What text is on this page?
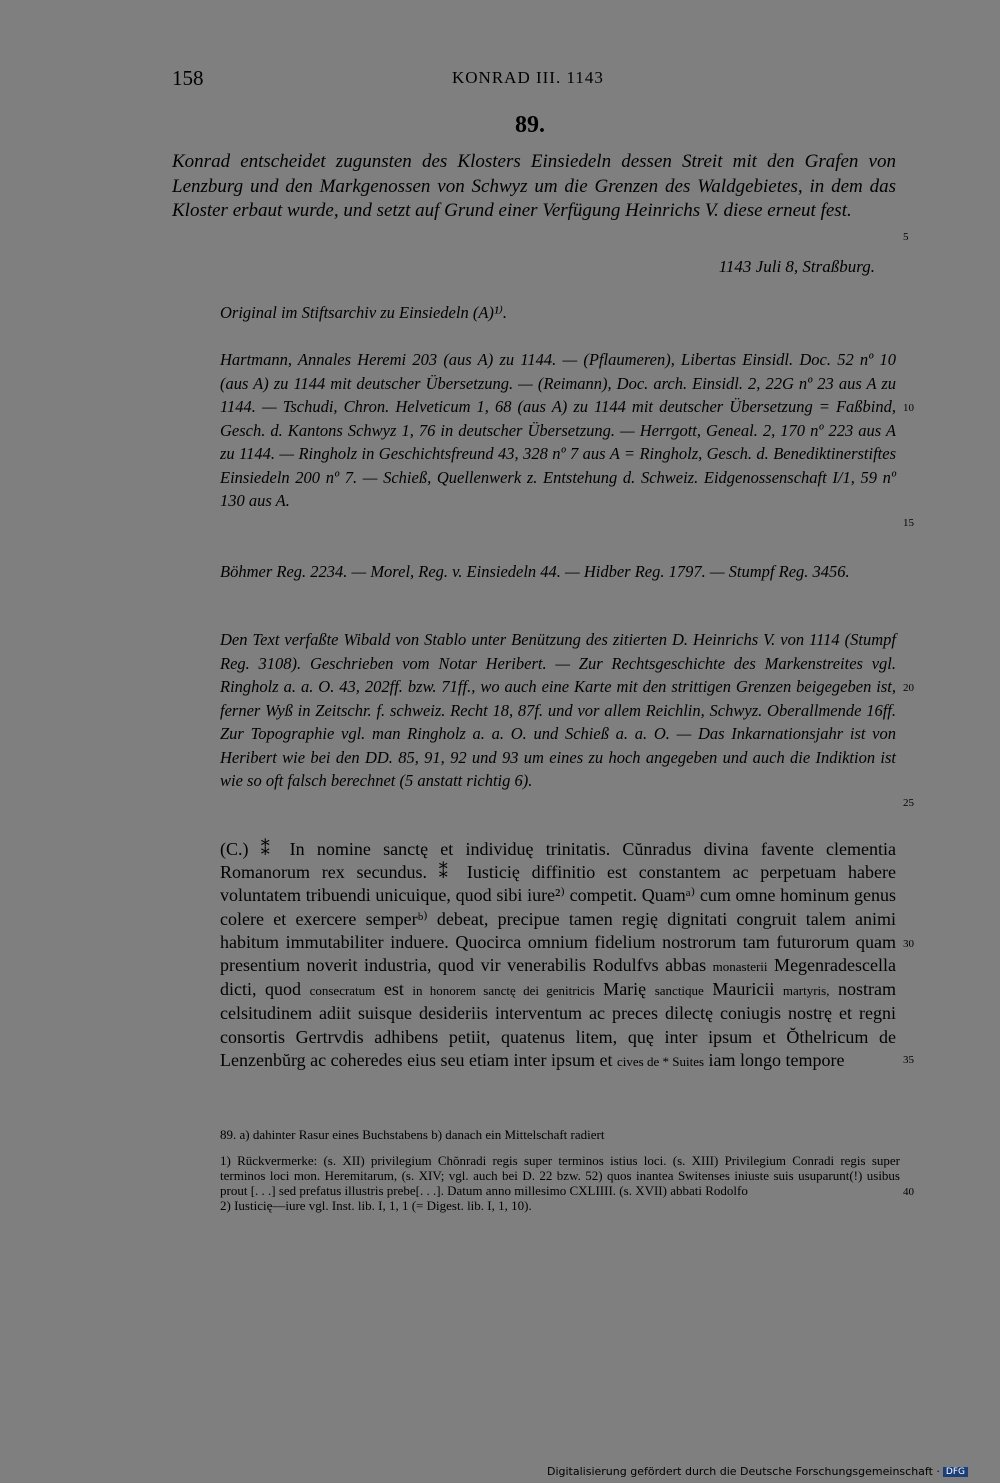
158	KONRAD III. 1143
89.
Konrad entscheidet zugunsten des Klosters Einsiedeln dessen Streit mit den Grafen von Lenzburg und den Markgenossen von Schwyz um die Grenzen des Waldgebietes, in dem das Kloster erbaut wurde, und setzt auf Grund einer Verfügung Heinrichs V. diese erneut fest.
1143 Juli 8, Straßburg.
Original im Stiftsarchiv zu Einsiedeln (A)¹⁾.
Hartmann, Annales Heremi 203 (aus A) zu 1144. — (Pflaumeren), Libertas Einsidl. Doc. 52 nº 10 (aus A) zu 1144 mit deutscher Übersetzung. — (Reimann), Doc. arch. Einsidl. 2, 22G nº 23 aus A zu 1144. — Tschudi, Chron. Helveticum 1, 68 (aus A) zu 1144 mit deutscher Übersetzung = Faßbind, Gesch. d. Kantons Schwyz 1, 76 in deutscher Übersetzung. — Herrgott, Geneal. 2, 170 nº 223 aus A zu 1144. — Ringholz in Geschichtsfreund 43, 328 nº 7 aus A = Ringholz, Gesch. d. Benediktinerstiftes Einsiedeln 200 nº 7. — Schieß, Quellenwerk z. Entstehung d. Schweiz. Eidgenossenschaft I/1, 59 nº 130 aus A.
Böhmer Reg. 2234. — Morel, Reg. v. Einsiedeln 44. — Hidber Reg. 1797. — Stumpf Reg. 3456.
Den Text verfaßte Wibald von Stablo unter Benützung des zitierten D. Heinrichs V. von 1114 (Stumpf Reg. 3108). Geschrieben vom Notar Heribert. — Zur Rechtsgeschichte des Markenstreites vgl. Ringholz a. a. O. 43, 202ff. bzw. 71ff., wo auch eine Karte mit den strittigen Grenzen beigegeben ist, ferner Wyß in Zeitschr. f. schweiz. Recht 18, 87f. und vor allem Reichlin, Schwyz. Oberallmende 16ff. Zur Topographie vgl. man Ringholz a. a. O. und Schieß a. a. O. — Das Inkarnationsjahr ist von Heribert wie bei den DD. 85, 91, 92 und 93 um eines zu hoch angegeben und auch die Indiktion ist wie so oft falsch berechnet (5 anstatt richtig 6).
(C.) ⁑ In nomine sanctę et individuę trinitatis. Cŭnradus divina favente clementia Romanorum rex secundus. ⁑ Iusticię diffinitio est constantem ac perpetuam habere voluntatem tribuendi unicuique, quod sibi iure²⁾ competit. Quamᵃ⁾ cum omne hominum genus colere et exercere semperᵇ⁾ debeat, precipue tamen regię dignitati congruit talem animi habitum immutabiliter induere. Quocirca omnium fidelium nostrorum tam futurorum quam presentium noverit industria, quod vir venerabilis Rodulfvs abbas monasterii Megenradescella dicti, quod consecratum est in honorem sanctę dei genitricis Marię sanctique Mauricii martyris, nostram celsitudinem adiit suisque desideriis interventum ac preces dilectę coniugis nostrę et regni consortis Gertrvdis adhibens petiit, quatenus litem, quę inter ipsum et Ŏthelricum de Lenzenbŭrg ac coheredes eius seu etiam inter ipsum et cives de * Suites iam longo tempore
5
10
15
20
25
30
35
40

89. a) dahinter Rasur eines Buchstabens b) danach ein Mittelschaft radiert

1) Rückvermerke: (s. XII) privilegium Chŏnradi regis super terminos istius loci. (s. XIII) Privilegium Conradi regis super terminos loci mon. Heremitarum, (s. XIV; vgl. auch bei D. 22 bzw. 52) quos inantea Switenses iniuste suis usuparunt(!) usibus prout [. . .] sed prefatus illustris prebe[. . .]. Datum anno millesimo CXLIIII. (s. XVII) abbati Rodolfo

2) Iusticię—iure vgl. Inst. lib. I, 1, 1 (= Digest. lib. I, 1, 10).

Digitalisierung gefördert durch die Deutsche Forschungsgemeinschaft · DFG
